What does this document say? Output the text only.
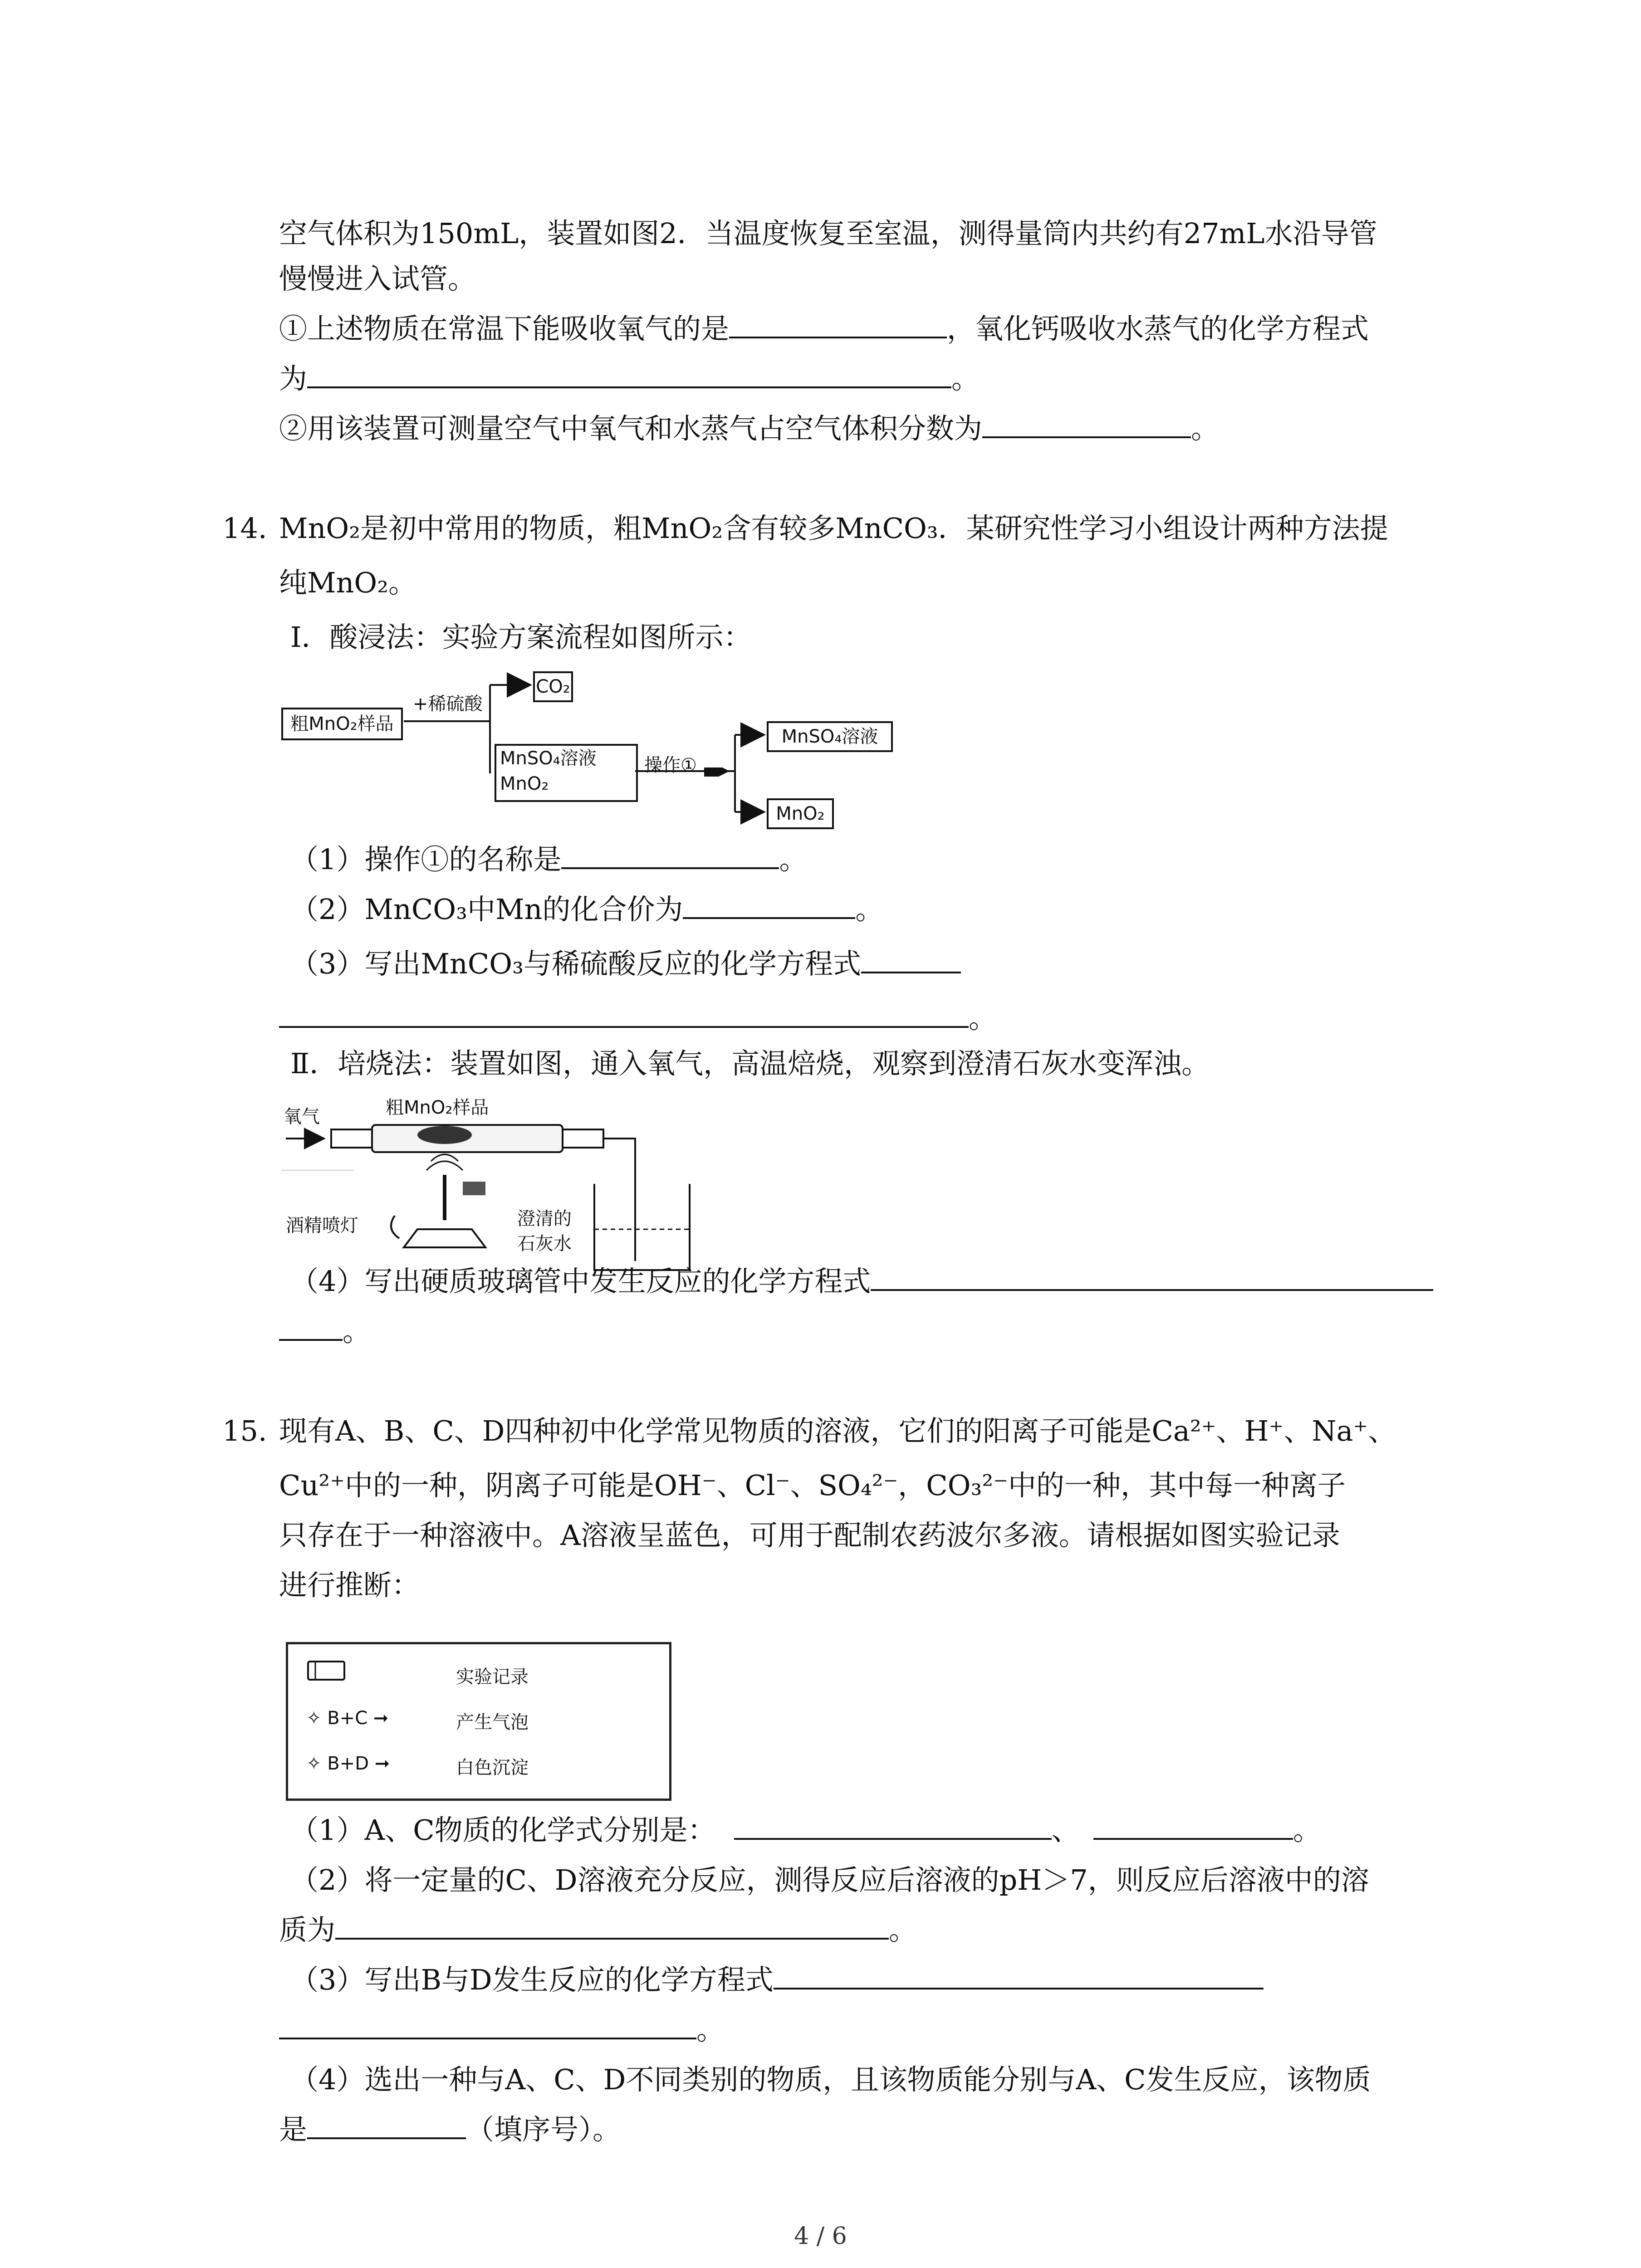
空气体积为150mL，装置如图2．当温度恢复至室温，测得量筒内共约有27mL水沿导管
慢慢进入试管。
①上述物质在常温下能吸收氧气的是	，氧化钙吸收水蒸气的化学方程式
为	。
②用该装置可测量空气中氧气和水蒸气占空气体积分数为	。
14. MnO₂是初中常用的物质，粗MnO₂含有较多MnCO₃．某研究性学习小组设计两种方法提
纯MnO₂。
Ⅰ．酸浸法：实验方案流程如图所示：
粗MnO₂样品
+稀硫酸
CO₂
MnSO₄溶液
MnO₂
操作①
MnSO₄溶液
MnO₂
（1）操作①的名称是	。
（2）MnCO₃中Mn的化合价为	。
（3）写出MnCO₃与稀硫酸反应的化学方程式
。
Ⅱ．培烧法：装置如图，通入氧气，高温焙烧，观察到澄清石灰水变浑浊。
氧气	粗MnO₂样品
酒精喷灯	澄清的
石灰水
（4）写出硬质玻璃管中发生反应的化学方程式
。
15. 现有A、B、C、D四种初中化学常见物质的溶液，它们的阳离子可能是Ca²⁺、H⁺、Na⁺、
Cu²⁺中的一种，阴离子可能是OH⁻、Cl⁻、SO₄²⁻，CO₃²⁻中的一种，其中每一种离子
只存在于一种溶液中。A溶液呈蓝色，可用于配制农药波尔多液。请根据如图实验记录
进行推断：
实验记录
✧ B+C ➞	产生气泡
✧ B+D ➞	白色沉淀
（1）A、C物质的化学式分别是：	、	。
（2）将一定量的C、D溶液充分反应，测得反应后溶液的pH＞7，则反应后溶液中的溶
质为	。
（3）写出B与D发生反应的化学方程式
。
（4）选出一种与A、C、D不同类别的物质，且该物质能分别与A、C发生反应，该物质
是	（填序号）。
4 / 6
